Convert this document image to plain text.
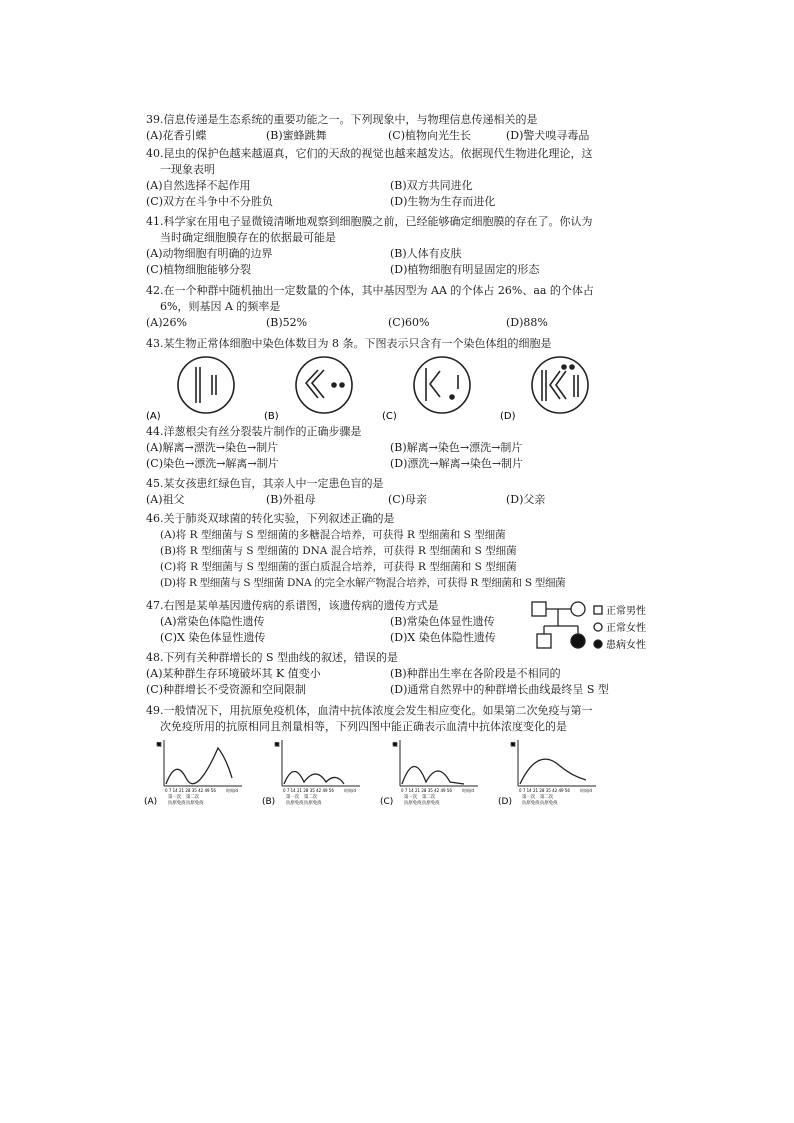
39.信息传递是生态系统的重要功能之一。下列现象中，与物理信息传递相关的是
(A)花香引蝶	(B)蜜蜂跳舞	(C)植物向光生长	(D)警犬嗅寻毒品
40.昆虫的保护色越来越逼真，它们的天敌的视觉也越来越发达。依据现代生物进化理论，这
一现象表明
(A)自然选择不起作用	(B)双方共同进化
(C)双方在斗争中不分胜负	(D)生物为生存而进化
41.科学家在用电子显微镜清晰地观察到细胞膜之前，已经能够确定细胞膜的存在了。你认为
当时确定细胞膜存在的依据最可能是
(A)动物细胞有明确的边界	(B)人体有皮肤
(C)植物细胞能够分裂	(D)植物细胞有明显固定的形态
42.在一个种群中随机抽出一定数量的个体，其中基因型为 AA 的个体占 26%、aa 的个体占
6%，则基因 A 的频率是
(A)26%	(B)52%	(C)60%	(D)88%
43.某生物正常体细胞中染色体数目为 8 条。下图表示只含有一个染色体组的细胞是
(A)	(B)	(C)	(D)
44.洋葱根尖有丝分裂装片制作的正确步骤是
(A)解离→漂洗→染色→制片	(B)解离→染色→漂洗→制片
(C)染色→漂洗→解离→制片	(D)漂洗→解离→染色→制片
45.某女孩患红绿色盲，其亲人中一定患色盲的是
(A)祖父	(B)外祖母	(C)母亲	(D)父亲
46.关于肺炎双球菌的转化实验，下列叙述正确的是
(A)将 R 型细菌与 S 型细菌的多糖混合培养，可获得 R 型细菌和 S 型细菌
(B)将 R 型细菌与 S 型细菌的 DNA 混合培养，可获得 R 型细菌和 S 型细菌
(C)将 R 型细菌与 S 型细菌的蛋白质混合培养，可获得 R 型细菌和 S 型细菌
(D)将 R 型细菌与 S 型细菌 DNA 的完全水解产物混合培养，可获得 R 型细菌和 S 型细菌
47.右图是某单基因遗传病的系谱图，该遗传病的遗传方式是
(A)常染色体隐性遗传	(B)常染色体显性遗传
(C)X 染色体显性遗传	(D)X 染色体隐性遗传
正常男性
正常女性
患病女性
48.下列有关种群增长的 S 型曲线的叙述，错误的是
(A)某种群生存环境破坏其 K 值变小	(B)种群出生率在各阶段是不相同的
(C)种群增长不受资源和空间限制	(D)通常自然界中的种群增长曲线最终呈 S 型
49.一般情况下，用抗原免疫机体，血清中抗体浓度会发生相应变化。如果第二次免疫与第一
次免疫所用的抗原相同且剂量相等，下列四图中能正确表示血清中抗体浓度变化的是
抗体浓度对数值
0 7 14 21 28 35 42 49 56	时间/d
第一次 第二次
(A) 抗原免疫 抗原免疫
抗体浓度对数值
0 7 14 21 28 35 42 49 56	时间/d
第一次 第二次
(B) 抗原免疫 抗原免疫
抗体浓度对数值
0 7 14 21 28 35 42 49 56	时间/d
第一次 第二次
(C) 抗原免疫 抗原免疫
抗体浓度对数值
0 7 14 21 28 35 42 49 56	时间/d
第一次 第二次
(D) 抗原免疫 抗原免疫
